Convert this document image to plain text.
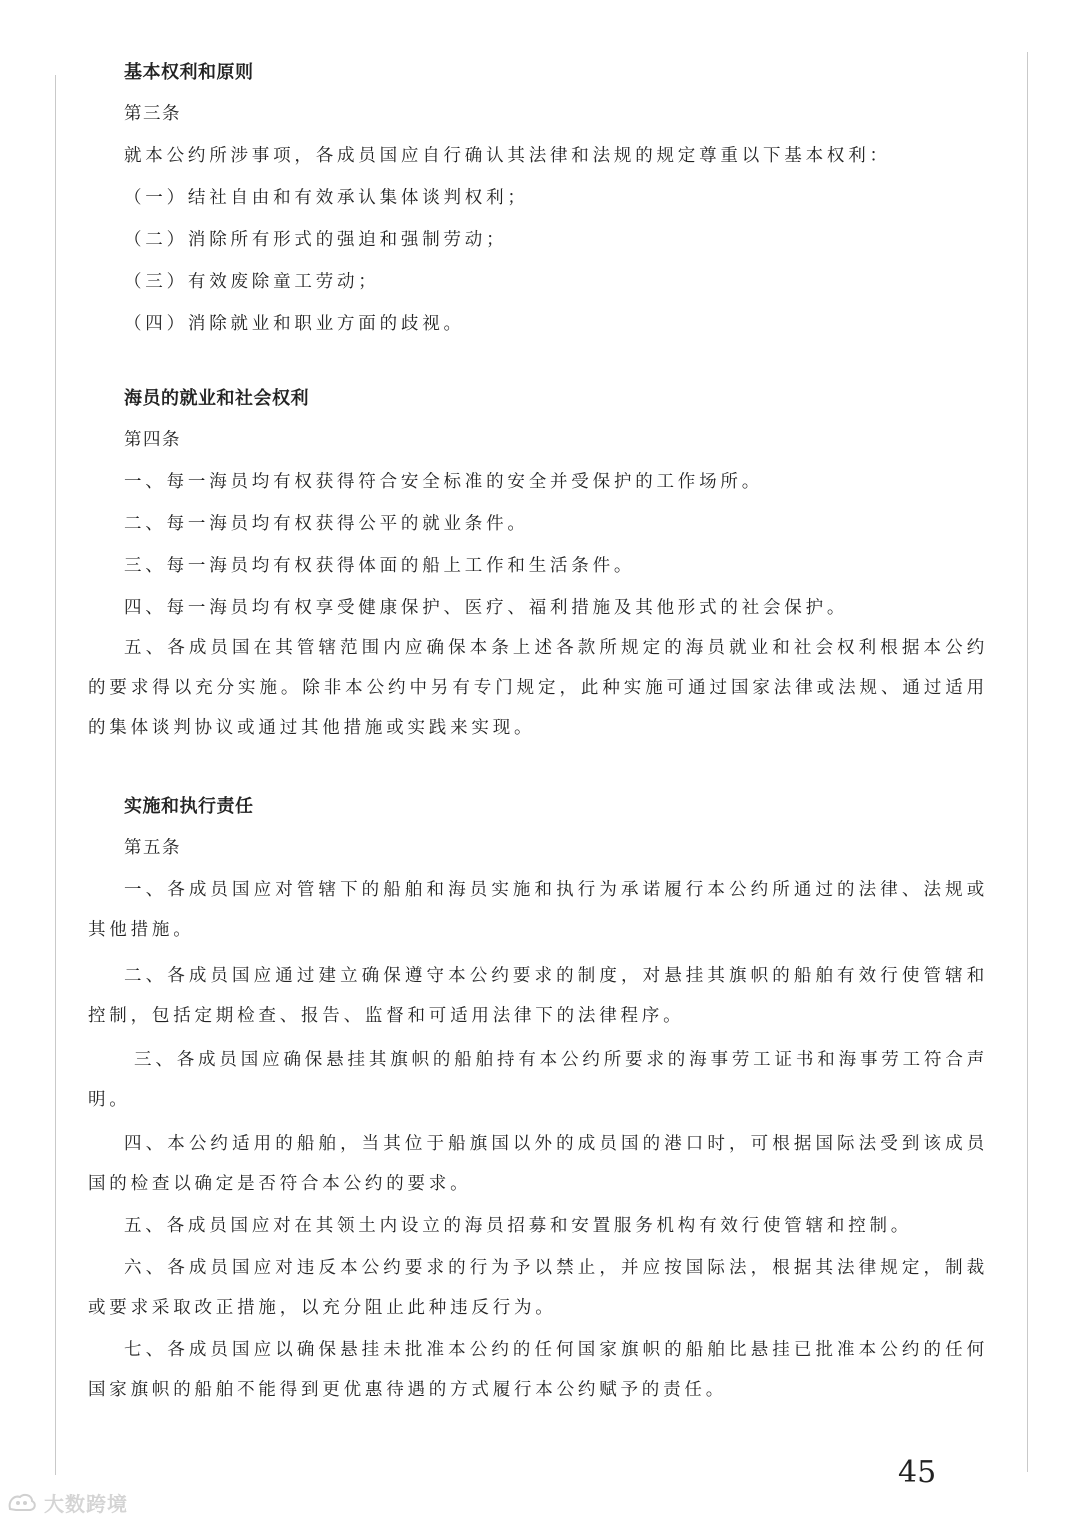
基本权利和原则
第三条
就本公约所涉事项，各成员国应自行确认其法律和法规的规定尊重以下基本权利：
（一）结社自由和有效承认集体谈判权利；
（二）消除所有形式的强迫和强制劳动；
（三）有效废除童工劳动；
（四）消除就业和职业方面的歧视。
海员的就业和社会权利
第四条
一、每一海员均有权获得符合安全标准的安全并受保护的工作场所。
二、每一海员均有权获得公平的就业条件。
三、每一海员均有权获得体面的船上工作和生活条件。
四、每一海员均有权享受健康保护、医疗、福利措施及其他形式的社会保护。
五、各成员国在其管辖范围内应确保本条上述各款所规定的海员就业和社会权利根据本公约的要求得以充分实施。除非本公约中另有专门规定，此种实施可通过国家法律或法规、通过适用的集体谈判协议或通过其他措施或实践来实现。
实施和执行责任
第五条
一、各成员国应对管辖下的船舶和海员实施和执行为承诺履行本公约所通过的法律、法规或其他措施。
二、各成员国应通过建立确保遵守本公约要求的制度，对悬挂其旗帜的船舶有效行使管辖和控制，包括定期检查、报告、监督和可适用法律下的法律程序。
三、各成员国应确保悬挂其旗帜的船舶持有本公约所要求的海事劳工证书和海事劳工符合声明。
四、本公约适用的船舶，当其位于船旗国以外的成员国的港口时，可根据国际法受到该成员国的检查以确定是否符合本公约的要求。
五、各成员国应对在其领土内设立的海员招募和安置服务机构有效行使管辖和控制。
六、各成员国应对违反本公约要求的行为予以禁止，并应按国际法，根据其法律规定，制裁或要求采取改正措施，以充分阻止此种违反行为。
七、各成员国应以确保悬挂未批准本公约的任何国家旗帜的船舶比悬挂已批准本公约的任何国家旗帜的船舶不能得到更优惠待遇的方式履行本公约赋予的责任。
45
大数跨境
